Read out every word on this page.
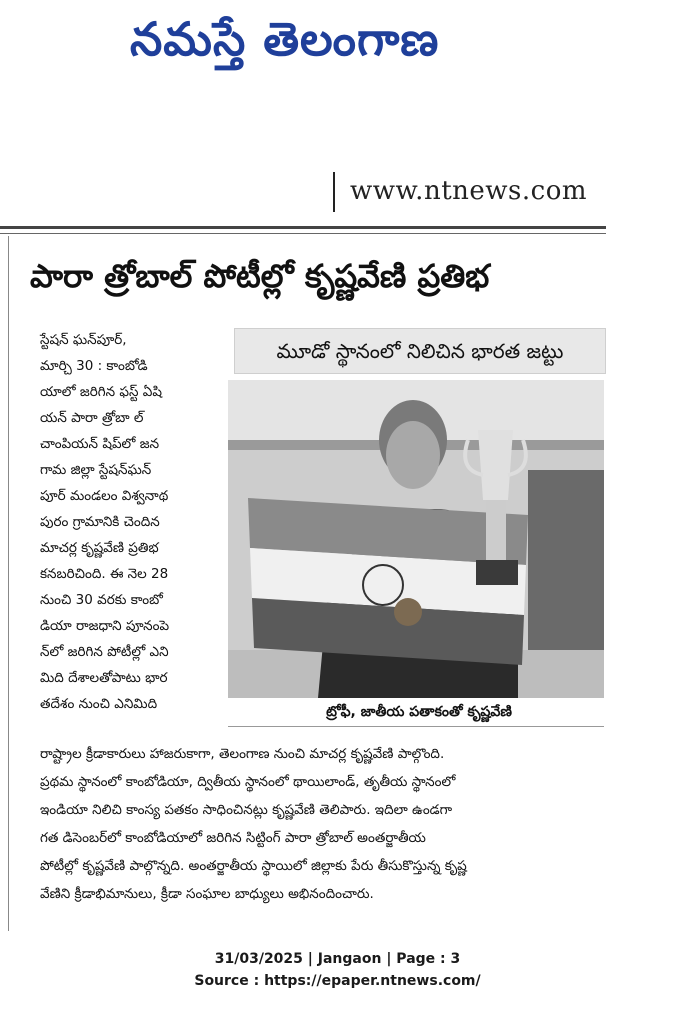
నమస్తే తెలంగాణ
www.ntnews.com
పారా త్రోబాల్ పోటీల్లో కృష్ణవేణి ప్రతిభ
మూడో స్థానంలో నిలిచిన భారత జట్టు
ట్రోఫీ, జాతీయ పతాకంతో కృష్ణవేణి
స్టేషన్ ఘన్‌పూర్,
మార్చి 30 : కాంబోడి
యాలో జరిగిన ఫస్ట్ ఏషి
యన్ పారా త్రోబా ల్
చాంపియన్ షిప్‌లో జన
గామ జిల్లా స్టేషన్‌ఘన్
పూర్ మండలం విశ్వనాథ
పురం గ్రామానికి చెందిన
మాచర్ల కృష్ణవేణి ప్రతిభ
కనబరిచింది. ఈ నెల 28
నుంచి 30 వరకు కాంబో
డియా రాజధాని పూనంపె
న్‌లో జరిగిన పోటీల్లో ఎని
మిది దేశాలతోపాటు భార
తదేశం నుంచి ఎనిమిది
రాష్ట్రాల క్రీడాకారులు హాజరుకాగా, తెలంగాణ నుంచి మాచర్ల కృష్ణవేణి పాల్గొంది.
ప్రథమ స్థానంలో కాంబోడియా, ద్వితీయ స్థానంలో థాయిలాండ్, తృతీయ స్థానంలో
ఇండియా నిలిచి కాంస్య పతకం సాధించినట్లు కృష్ణవేణి తెలిపారు. ఇదిలా ఉండగా
గత డిసెంబర్‌లో కాంబోడియాలో జరిగిన సిట్టింగ్ పారా త్రోబాల్ అంతర్జాతీయ
పోటీల్లో కృష్ణవేణి పాల్గొన్నది. అంతర్జాతీయ స్థాయిలో జిల్లాకు పేరు తీసుకొస్తున్న కృష్ణ
వేణిని క్రీడాభిమానులు, క్రీడా సంఘాల బాధ్యులు అభినందించారు.
31/03/2025 | Jangaon | Page : 3
Source : https://epaper.ntnews.com/
